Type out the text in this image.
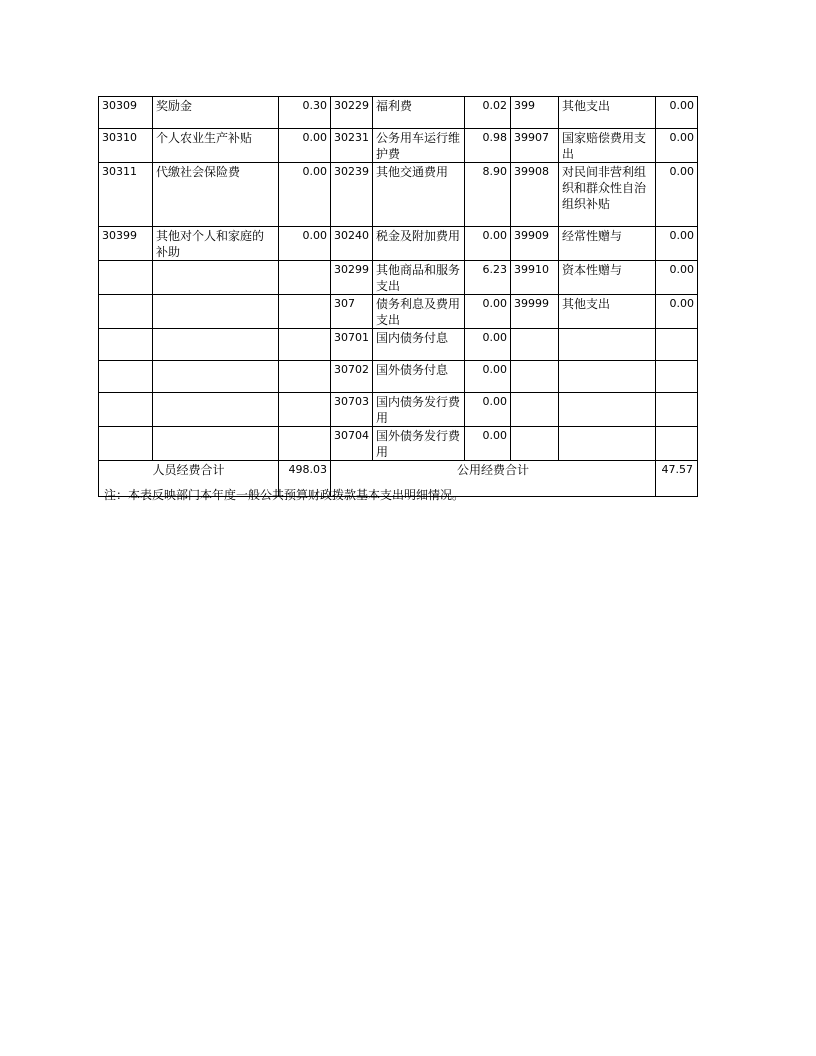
30309	奖励金	0.30	30229	福利费	0.02	399	其他支出	0.00
30310	个人农业生产补贴	0.00	30231	公务用车运行维护费	0.98	39907	国家赔偿费用支出	0.00
30311	代缴社会保险费	0.00	30239	其他交通费用	8.90	39908	对民间非营利组织和群众性自治组织补贴	0.00
30399	其他对个人和家庭的补助	0.00	30240	税金及附加费用	0.00	39909	经常性赠与	0.00
			30299	其他商品和服务支出	6.23	39910	资本性赠与	0.00
			307	债务利息及费用支出	0.00	39999	其他支出	0.00
			30701	国内债务付息	0.00			
			30702	国外债务付息	0.00			
			30703	国内债务发行费用	0.00			
			30704	国外债务发行费用	0.00			
人员经费合计		498.03	公用经费合计					47.57
注：本表反映部门本年度一般公共预算财政拨款基本支出明细情况。
